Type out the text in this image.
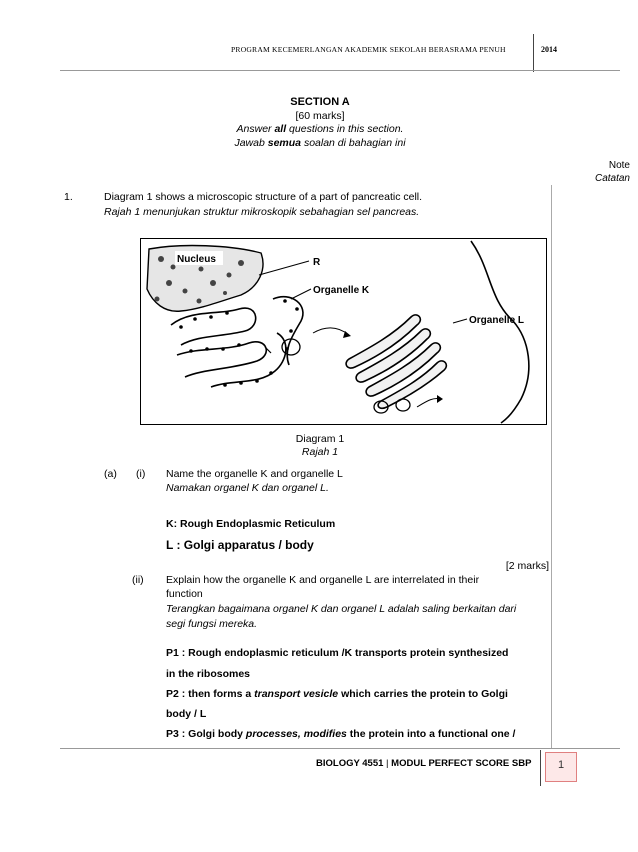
PROGRAM KECEMERLANGAN AKADEMIK SEKOLAH BERASRAMA PENUH	2014
SECTION A
[60 marks]
Answer all questions in this section.
Jawab semua soalan di bahagian ini
Note
Catatan
1.	Diagram 1 shows a microscopic structure of a part of pancreatic cell.
Rajah 1 menunjukan struktur mikroskopik sebahagian sel pancreas.
Nucleus	R
Organelle K
Organelle L
Diagram 1
Rajah 1
(a) (i) Name the organelle K and organelle L
Namakan organel K dan organel L.
K: Rough Endoplasmic Reticulum
L : Golgi apparatus / body
[2 marks]
(ii) Explain how the organelle K and organelle L are interrelated in their
function
Terangkan bagaimana organel K dan organel L adalah saling berkaitan dari
segi fungsi mereka.
P1 : Rough endoplasmic reticulum /K transports protein synthesized
in the ribosomes
P2 : then forms a transport vesicle which carries the protein to Golgi
body / L
P3 : Golgi body processes, modifies the protein into a functional one /
BIOLOGY 4551 | MODUL PERFECT SCORE SBP	1
